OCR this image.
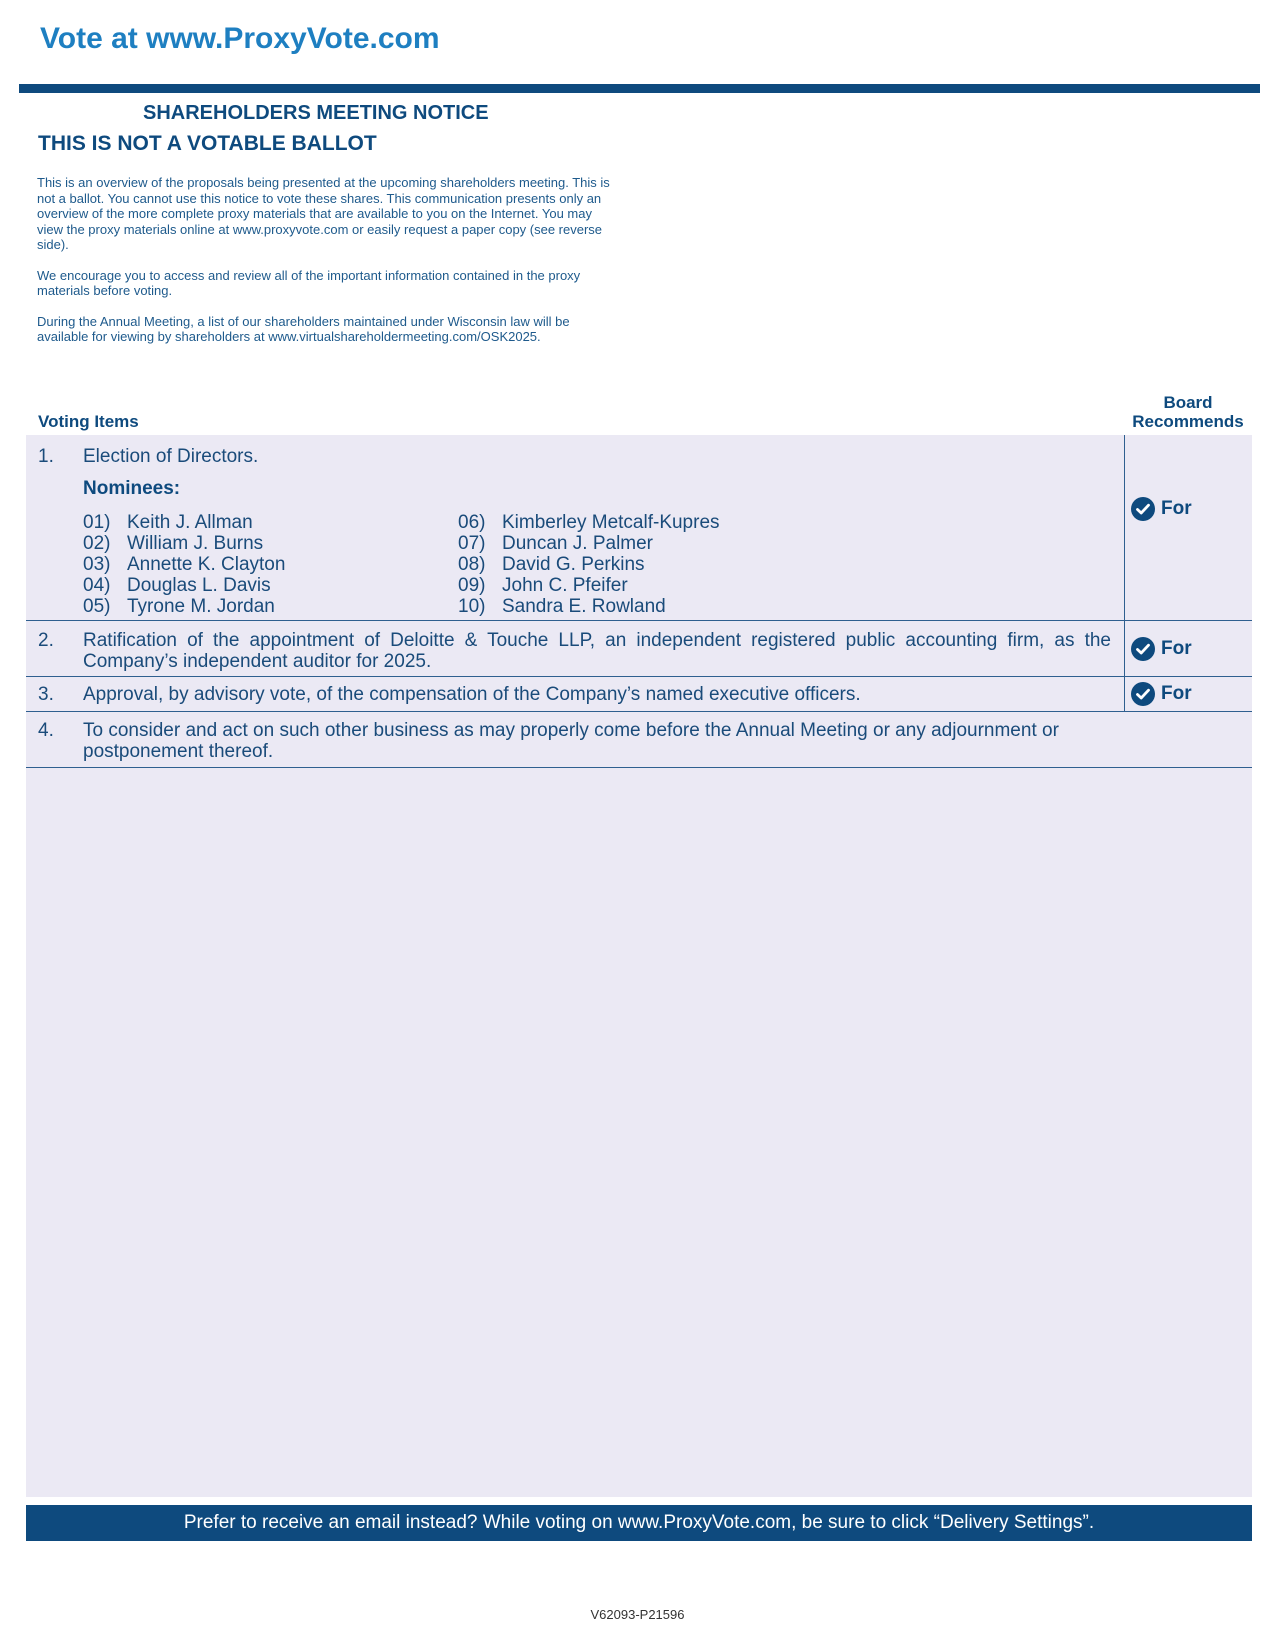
Vote at www.ProxyVote.com
SHAREHOLDERS MEETING NOTICE
THIS IS NOT A VOTABLE BALLOT

This is an overview of the proposals being presented at the upcoming shareholders meeting. This is not a ballot. You cannot use this notice to vote these shares. This communication presents only an overview of the more complete proxy materials that are available to you on the Internet. You may view the proxy materials online at www.proxyvote.com or easily request a paper copy (see reverse side).

We encourage you to access and review all of the important information contained in the proxy materials before voting.

During the Annual Meeting, a list of our shareholders maintained under Wisconsin law will be available for viewing by shareholders at www.virtualshareholdermeeting.com/OSK2025.

Voting Items
Board
Recommends
1. Election of Directors.
Nominees:
01) Keith J. Allman
02) William J. Burns
03) Annette K. Clayton
04) Douglas L. Davis
05) Tyrone M. Jordan
06) Kimberley Metcalf-Kupres
07) Duncan J. Palmer
08) David G. Perkins
09) John C. Pfeifer
10) Sandra E. Rowland
For
2. Ratification of the appointment of Deloitte & Touche LLP, an independent registered public accounting firm, as the Company’s independent auditor for 2025.
For
3. Approval, by advisory vote, of the compensation of the Company’s named executive officers.	For
4. To consider and act on such other business as may properly come before the Annual Meeting or any adjournment or postponement thereof.
Prefer to receive an email instead? While voting on www.ProxyVote.com, be sure to click “Delivery Settings”.
V62093-P21596
